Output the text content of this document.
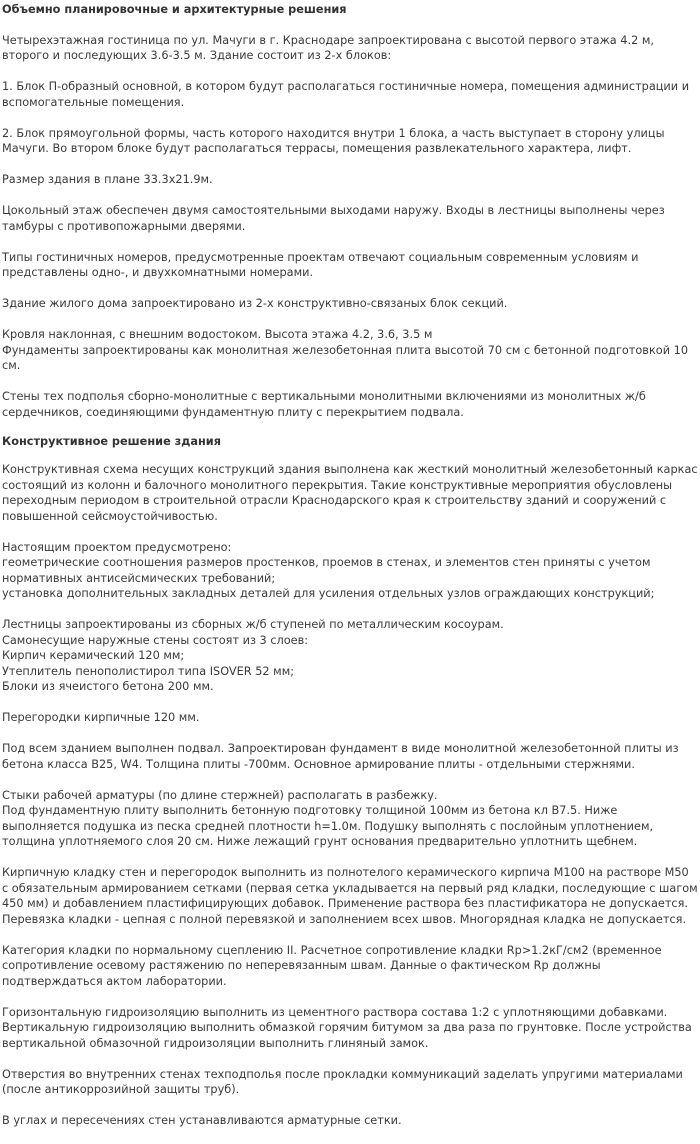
Объемно планировочные и архитектурные решения

Четырехэтажная гостиница по ул. Мачуги в г. Краснодаре запроектирована с высотой первого этажа 4.2 м, второго и последующих 3.6-3.5 м. Здание состоит из 2-х блоков:

1. Блок П-образный основной, в котором будут располагаться гостиничные номера, помещения администрации и вспомогательные помещения.

2. Блок прямоугольной формы, часть которого находится внутри 1 блока, а часть выступает в сторону улицы Мачуги. Во втором блоке будут располагаться террасы, помещения развлекательного характера, лифт.

Размер здания в плане 33.3х21.9м.

Цокольный этаж обеспечен двумя самостоятельными выходами наружу. Входы в лестницы выполнены через тамбуры с противопожарными дверями.

Типы гостиничных номеров, предусмотренные проектам отвечают социальным современным условиям и представлены одно-, и двухкомнатными номерами.

Здание жилого дома запроектировано из 2-х конструктивно-связаных блок секций.

Кровля наклонная, с внешним водостоком. Высота этажа 4.2, 3.6, 3.5 м
Фундаменты запроектированы как монолитная железобетонная плита высотой 70 см с бетонной подготовкой 10 см.

Стены тех подполья сборно-монолитные с вертикальными монолитными включениями из монолитных ж/б сердечников, соединяющими фундаментную плиту с перекрытием подвала.

Конструктивное решение здания

Конструктивная схема несущих конструкций здания выполнена как жесткий монолитный железобетонный каркас состоящий из колонн и балочного монолитного перекрытия. Такие конструктивные мероприятия обусловлены переходным периодом в строительной отрасли Краснодарского края к строительству зданий и сооружений с повышенной сейсмоустойчивостью.

Настоящим проектом предусмотрено:
геометрические соотношения размеров простенков, проемов в стенах, и элементов стен приняты с учетом нормативных антисейсмических требований;
установка дополнительных закладных деталей для усиления отдельных узлов ограждающих конструкций;

Лестницы запроектированы из сборных ж/б ступеней по металлическим косоурам.
Самонесущие наружные стены состоят из 3 слоев:
Кирпич керамический 120 мм;
Утеплитель пенополистирол типа ISOVER 52 мм;
Блоки из ячеистого бетона 200 мм.

Перегородки кирпичные 120 мм.

Под всем зданием выполнен подвал. Запроектирован фундамент в виде монолитной железобетонной плиты из бетона класса В25, W4. Толщина плиты -700мм. Основное армирование плиты - отдельными стержнями.

Стыки рабочей арматуры (по длине стержней) располагать в разбежку.
Под фундаментную плиту выполнить бетонную подготовку толщиной 100мм из бетона кл В7.5. Ниже выполняется подушка из песка средней плотности h=1.0м. Подушку выполнять с послойным уплотнением, толщина уплотняемого слоя 20 см. Ниже лежащий грунт основания предварительно уплотнить щебнем.

Кирпичную кладку стен и перегородок выполнить из полнотелого керамического кирпича М100 на растворе М50 с обязательным армированием сетками (первая сетка укладывается на первый ряд кладки, последующие с шагом 450 мм) и добавлением пластифицирующих добавок. Применение раствора без пластификатора не допускается. Перевязка кладки - цепная с полной перевязкой и заполнением всех швов. Многорядная кладка не допускается.

Категория кладки по нормальному сцеплению II. Расчетное сопротивление кладки Rp>1.2кГ/см2 (временное сопротивление осевому растяжению по неперевязанным швам. Данные о фактическом Rp должны подтверждаться актом лаборатории.

Горизонтальную гидроизоляцию выполнить из цементного раствора состава 1:2 с уплотняющими добавками. Вертикальную гидроизоляцию выполнить обмазкой горячим битумом за два раза по грунтовке. После устройства вертикальной обмазочной гидроизоляции выполнить глиняный замок.

Отверстия во внутренних стенах техподполья после прокладки коммуникаций заделать упругими материалами (после антикоррозийной защиты труб).

В углах и пересечениях стен устанавливаются арматурные сетки.
